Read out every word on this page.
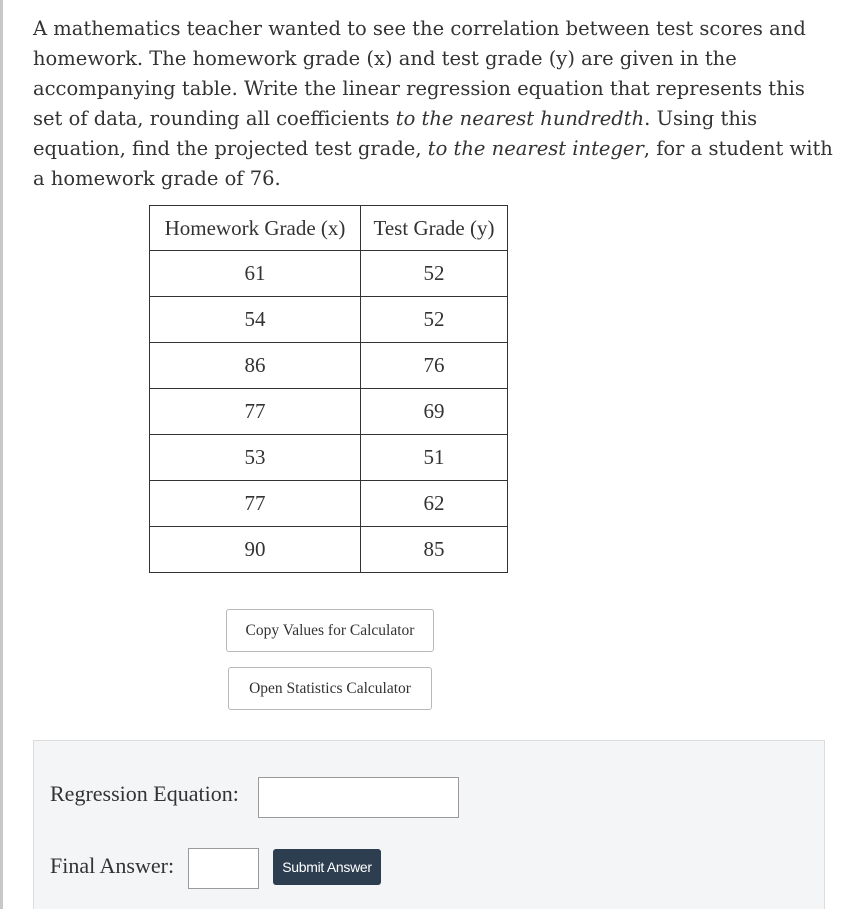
A mathematics teacher wanted to see the correlation between test scores and homework. The homework grade (x) and test grade (y) are given in the accompanying table. Write the linear regression equation that represents this set of data, rounding all coefficients to the nearest hundredth. Using this equation, find the projected test grade, to the nearest integer, for a student with a homework grade of 76.
Homework Grade (x)	Test Grade (y)
61	52
54	52
86	76
77	69
53	51
77	62
90	85
Copy Values for Calculator
Open Statistics Calculator
Regression Equation:
Final Answer:	Submit Answer
